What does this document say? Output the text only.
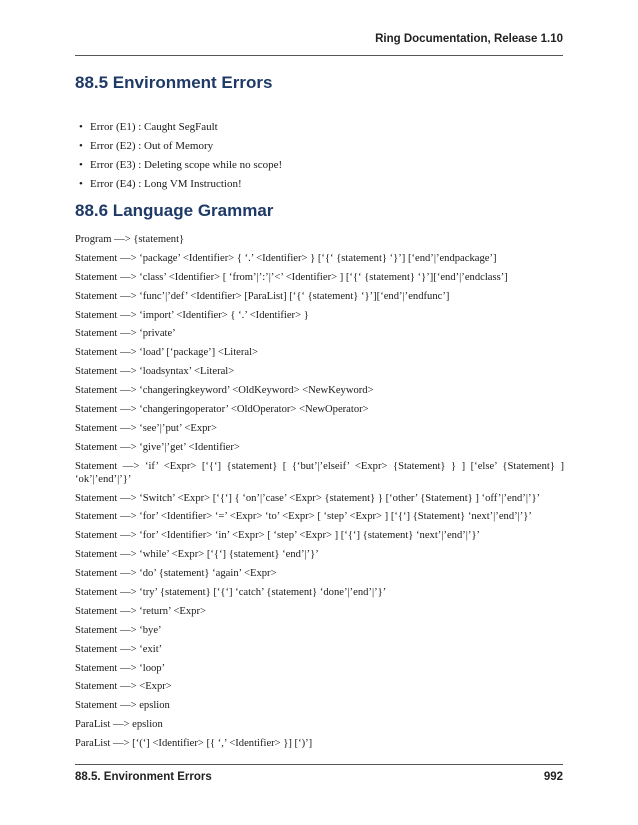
Ring Documentation, Release 1.10
88.5 Environment Errors
• Error (E1) : Caught SegFault
• Error (E2) : Out of Memory
• Error (E3) : Deleting scope while no scope!
• Error (E4) : Long VM Instruction!
88.6 Language Grammar

Program —> {statement}

Statement —> ‘package’ <Identifier> { ‘.’ <Identifier> } [‘{‘ {statement} ‘}’] [‘end’|’endpackage’]

Statement —> ‘class’ <Identifier> [ ‘from’|’:’|’<’ <Identifier> ] [‘{‘ {statement} ‘}’][‘end’|’endclass’]

Statement —> ‘func’|’def’ <Identifier> [ParaList] [‘{‘ {statement} ‘}’][‘end’|’endfunc’]

Statement —> ‘import’ <Identifier> { ‘.’ <Identifier> }

Statement —> ‘private’

Statement —> ‘load’ [‘package’] <Literal>

Statement —> ‘loadsyntax’ <Literal>

Statement —> ‘changeringkeyword’ <OldKeyword> <NewKeyword>

Statement —> ‘changeringoperator’ <OldOperator> <NewOperator>

Statement —> ‘see’|’put’ <Expr>

Statement —> ‘give’|’get’ <Identifier>

Statement —> ‘if’ <Expr> [‘{‘] {statement} [ {‘but’|’elseif’ <Expr> {Statement} } ] [‘else’ {Statement} ] ‘ok’|’end’|’}’

Statement —> ‘Switch’ <Expr> [‘{‘] { ‘on’|’case’ <Expr> {statement} } [‘other’ {Statement} ] ‘off’|’end’|’}’

Statement —> ‘for’ <Identifier> ‘=’ <Expr> ‘to’ <Expr> [ ‘step’ <Expr> ] [‘{‘] {Statement} ‘next’|’end’|’}’

Statement —> ‘for’ <Identifier> ‘in’ <Expr> [ ‘step’ <Expr> ] [‘{‘] {statement} ‘next’|’end’|’}’

Statement —> ‘while’ <Expr> [‘{‘] {statement} ‘end’|’}’

Statement —> ‘do’ {statement} ‘again’ <Expr>

Statement —> ‘try’ {statement} [‘{‘] ‘catch’ {statement} ‘done’|’end’|’}’

Statement —> ‘return’ <Expr>

Statement —> ‘bye’

Statement —> ‘exit’

Statement —> ‘loop’

Statement —> <Expr>

Statement —> epslion

ParaList —> epslion

ParaList —> [‘(‘] <Identifier> [{ ‘,’ <Identifier> }] [‘)’]

88.5. Environment Errors	992
